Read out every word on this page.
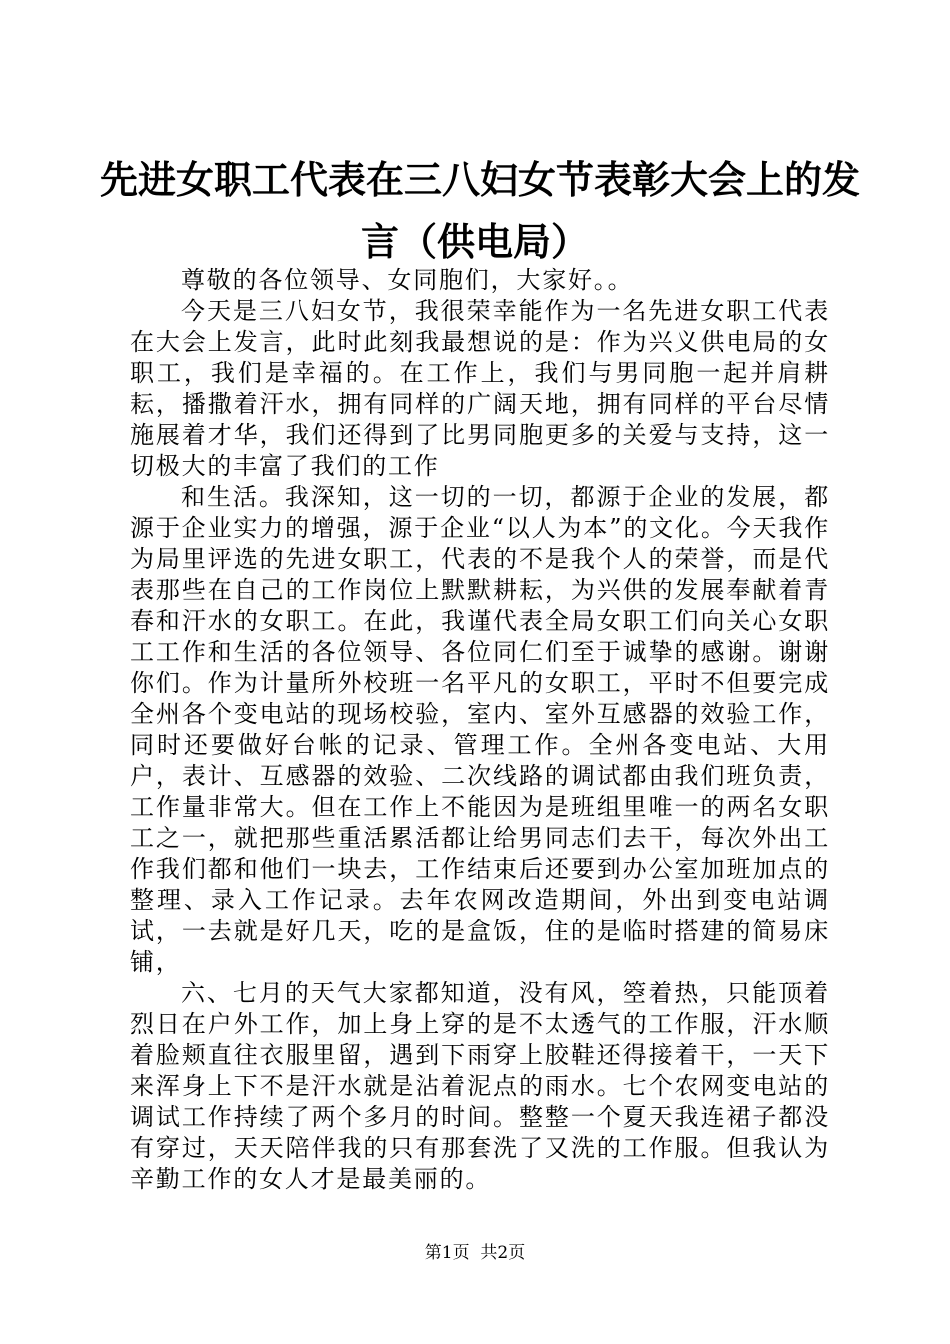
先进女职工代表在三八妇女节表彰大会上的发
言（供电局）

尊敬的各位领导、女同胞们，大家好。。

今天是三八妇女节，我很荣幸能作为一名先进女职工代表在大会上发言，此时此刻我最想说的是：作为兴义供电局的女职工，我们是幸福的。在工作上，我们与男同胞一起并肩耕耘，播撒着汗水，拥有同样的广阔天地，拥有同样的平台尽情施展着才华，我们还得到了比男同胞更多的关爱与支持，这一切极大的丰富了我们的工作

和生活。我深知，这一切的一切，都源于企业的发展，都源于企业实力的增强，源于企业“以人为本”的文化。今天我作为局里评选的先进女职工，代表的不是我个人的荣誉，而是代表那些在自己的工作岗位上默默耕耘，为兴供的发展奉献着青春和汗水的女职工。在此，我谨代表全局女职工们向关心女职工工作和生活的各位领导、各位同仁们至于诚挚的感谢。谢谢你们。作为计量所外校班一名平凡的女职工，平时不但要完成全州各个变电站的现场校验，室内、室外互感器的效验工作，同时还要做好台帐的记录、管理工作。全州各变电站、大用户，表计、互感器的效验、二次线路的调试都由我们班负责，工作量非常大。但在工作上不能因为是班组里唯一的两名女职工之一，就把那些重活累活都让给男同志们去干，每次外出工作我们都和他们一块去，工作结束后还要到办公室加班加点的整理、录入工作记录。去年农网改造期间，外出到变电站调试，一去就是好几天，吃的是盒饭，住的是临时搭建的简易床铺，

六、七月的天气大家都知道，没有风，箜着热，只能顶着烈日在户外工作，加上身上穿的是不太透气的工作服，汗水顺着脸颊直往衣服里留，遇到下雨穿上胶鞋还得接着干，一天下来浑身上下不是汗水就是沾着泥点的雨水。七个农网变电站的调试工作持续了两个多月的时间。整整一个夏天我连裙子都没有穿过，天天陪伴我的只有那套洗了又洗的工作服。但我认为辛勤工作的女人才是最美丽的。

第1页 共2页
